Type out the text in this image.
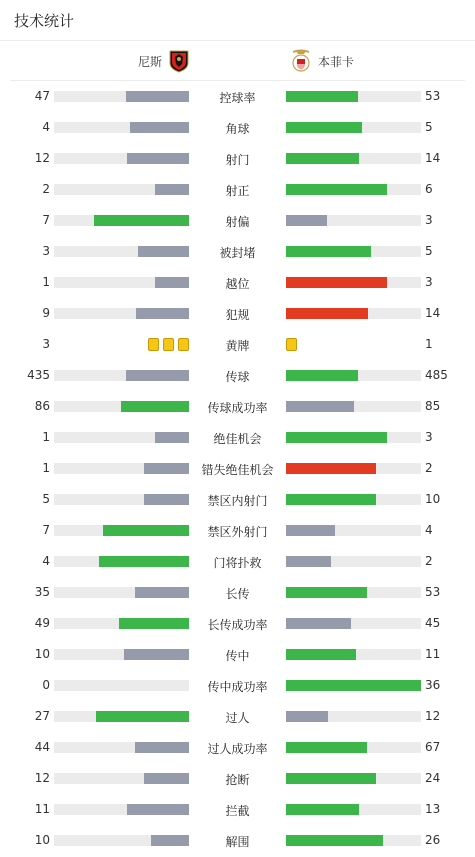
技术统计
尼斯	本菲卡
47	控球率	53
4	角球	5
12	射门	14
2	射正	6
7	射偏	3
3	被封堵	5
1	越位	3
9	犯规	14
3	黄牌	1
435	传球	485
86	传球成功率	85
1	绝佳机会	3
1	错失绝佳机会	2
5	禁区内射门	10
7	禁区外射门	4
4	门将扑救	2
35	长传	53
49	长传成功率	45
10	传中	11
0	传中成功率	36
27	过人	12
44	过人成功率	67
12	抢断	24
11	拦截	13
10	解围	26
